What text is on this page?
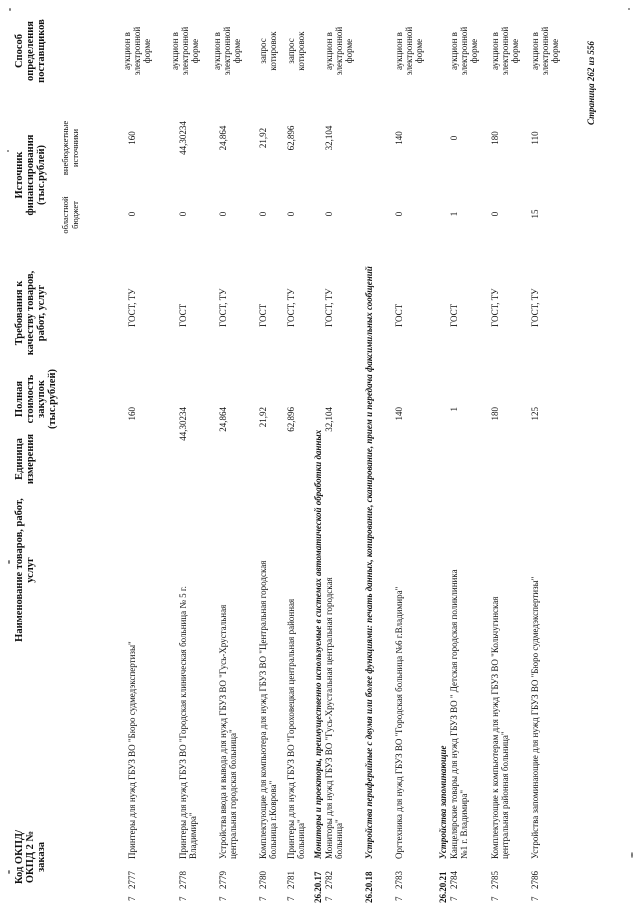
Код ОКПД/ ОКПД 2 № заказа
Наименование товаров, работ, услуг
Единица измерения
Полная стоимость закупок (тыс.рублей)
Требования к качеству товаров, работ, услуг
Источник финансирования (тыс.рублей)
областной бюджет
внебюджетные источники
Способ определения поставщиков
7
2777
Принтеры для нужд ГБУЗ ВО "Бюро судмедэкспертизы"
160
ГОСТ, ТУ
0
160
аукцион в электронной форме
7
2778
Принтеры для нужд ГБУЗ ВО "Городская клиническая больница № 5 г. Владимира"
44,30234
ГОСТ
0
44,30234
аукцион в электронной форме
7
2779
Устройства ввода и вывода для нужд ГБУЗ ВО "Гусь-Хрустальная центральная городская больница"
24,864
ГОСТ, ТУ
0
24,864
аукцион в электронной форме
7
2780
Комплектующие для компьютера для нужд ГБУЗ ВО "Центральная городская больница г.Коврова"
21,92
ГОСТ
0
21,92
запрос котировок
7
2781
Принтеры для нужд ГБУЗ ВО "Гороховецкая центральная районная больница"
62,896
ГОСТ, ТУ
0
62,896
запрос котировок
26.20.17
Мониторы и проекторы, преимущественно используемые в системах автоматической обработки данных
7
2782
Мониторы для нужд ГБУЗ ВО "Гусь-Хрустальная центральная городская больница"
32,104
ГОСТ, ТУ
0
32,104
аукцион в электронной форме
26.20.18
Устройства периферийные с двумя или более функциями: печать данных, копирование, сканирование, прием и передача факсимильных сообщений
7
2783
Оргтехника для нужд ГБУЗ ВО "Городская больница №6 г.Владимира"
140
ГОСТ
0
140
аукцион в электронной форме
26.20.21
Устройства запоминающие
7
2784
Канцелярские товары для нужд ГБУЗ ВО " Детская городская поликлиника №1 г. Владимира"
1
ГОСТ
1
0
аукцион в электронной форме
7
2785
Комплектующие к компьютерам для нужд ГБУЗ ВО "Кольчугинская центральная районная больница"
180
ГОСТ, ТУ
0
180
аукцион в электронной форме
7
2786
Устройства запоминающие для нужд ГБУЗ ВО "Бюро судмедэкспертизы"
125
ГОСТ, ТУ
15
110
аукцион в электронной форме	Страница 262 из 556
